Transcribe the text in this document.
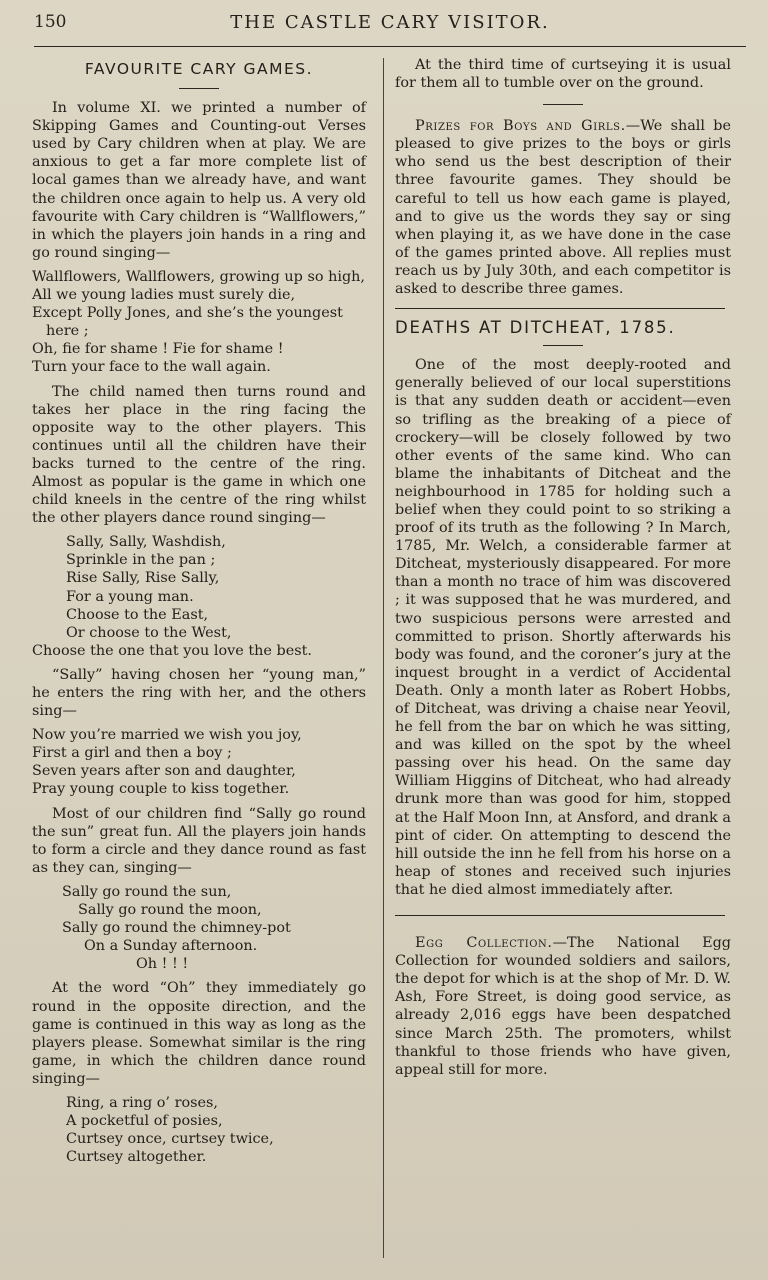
150	THE CASTLE CARY VISITOR.
FAVOURITE CARY GAMES.

In volume XI. we printed a number of Skipping Games and Counting-out Verses used by Cary children when at play. We are anxious to get a far more complete list of local games than we already have, and want the children once again to help us. A very old favourite with Cary children is “Wallflowers,” in which the players join hands in a ring and go round singing—

Wallflowers, Wallflowers, growing up so high,
All we young ladies must surely die,
Except Polly Jones, and she’s the youngest here ;
Oh, fie for shame ! Fie for shame !
Turn your face to the wall again.

The child named then turns round and takes her place in the ring facing the opposite way to the other players. This continues until all the children have their backs turned to the centre of the ring. Almost as popular is the game in which one child kneels in the centre of the ring whilst the other players dance round singing—

Sally, Sally, Washdish,
Sprinkle in the pan ;
Rise Sally, Rise Sally,
For a young man.
Choose to the East,
Or choose to the West,
Choose the one that you love the best.

“Sally” having chosen her “young man,” he enters the ring with her, and the others sing—

Now you’re married we wish you joy,
First a girl and then a boy ;
Seven years after son and daughter,
Pray young couple to kiss together.

Most of our children find “Sally go round the sun” great fun. All the players join hands to form a circle and they dance round as fast as they can, singing—

Sally go round the sun,
Sally go round the moon,
Sally go round the chimney-pot
On a Sunday afternoon.
Oh ! ! !

At the word “Oh” they immediately go round in the opposite direction, and the game is continued in this way as long as the players please. Somewhat similar is the ring game, in which the children dance round singing—

Ring, a ring o’ roses,
A pocketful of posies,
Curtsey once, curtsey twice,
Curtsey altogether.

At the third time of curtseying it is usual for them all to tumble over on the ground.

Prizes for Boys and Girls.—We shall be pleased to give prizes to the boys or girls who send us the best description of their three favourite games. They should be careful to tell us how each game is played, and to give us the words they say or sing when playing it, as we have done in the case of the games printed above. All replies must reach us by July 30th, and each competitor is asked to describe three games.

DEATHS AT DITCHEAT, 1785.

One of the most deeply-rooted and generally believed of our local superstitions is that any sudden death or accident—even so trifling as the breaking of a piece of crockery—will be closely followed by two other events of the same kind. Who can blame the inhabitants of Ditcheat and the neighbourhood in 1785 for holding such a belief when they could point to so striking a proof of its truth as the following ? In March, 1785, Mr. Welch, a considerable farmer at Ditcheat, mysteriously disappeared. For more than a month no trace of him was discovered ; it was supposed that he was murdered, and two suspicious persons were arrested and committed to prison. Shortly afterwards his body was found, and the coroner’s jury at the inquest brought in a verdict of Accidental Death. Only a month later as Robert Hobbs, of Ditcheat, was driving a chaise near Yeovil, he fell from the bar on which he was sitting, and was killed on the spot by the wheel passing over his head. On the same day William Higgins of Ditcheat, who had already drunk more than was good for him, stopped at the Half Moon Inn, at Ansford, and drank a pint of cider. On attempting to descend the hill outside the inn he fell from his horse on a heap of stones and received such injuries that he died almost immediately after.

Egg Collection.—The National Egg Collection for wounded soldiers and sailors, the depot for which is at the shop of Mr. D. W. Ash, Fore Street, is doing good service, as already 2,016 eggs have been despatched since March 25th. The promoters, whilst thankful to those friends who have given, appeal still for more.
